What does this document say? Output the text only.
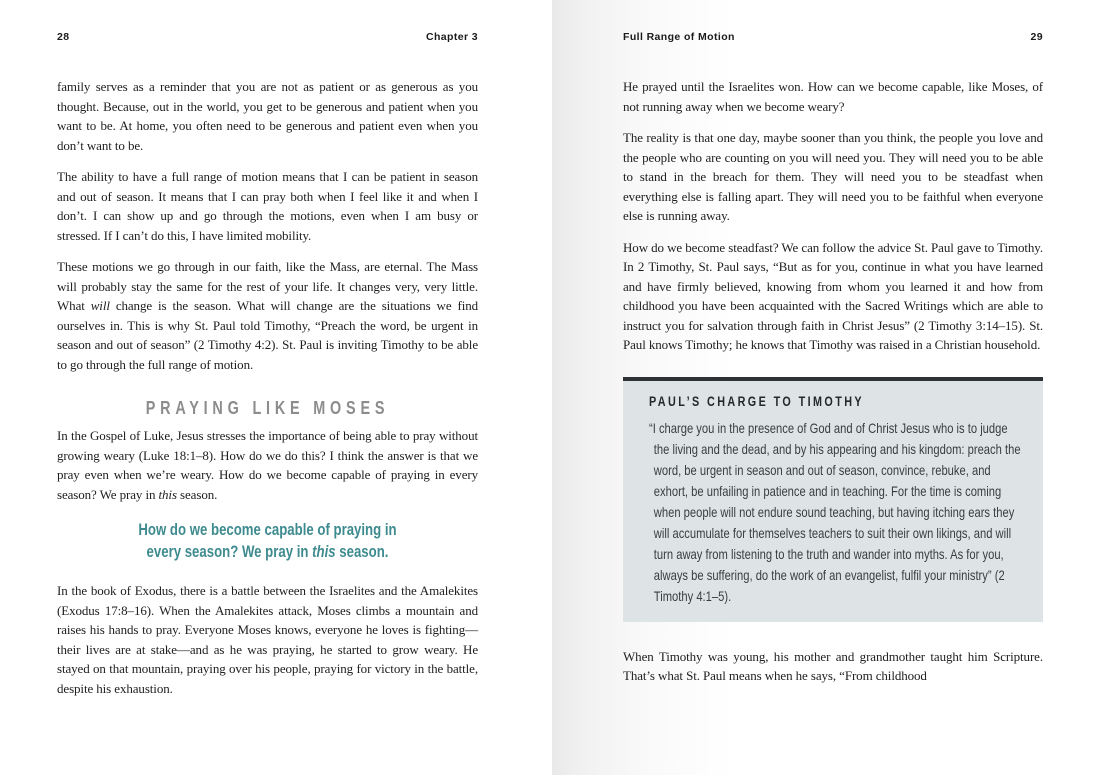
28	Chapter 3

family serves as a reminder that you are not as patient or as generous as you thought. Because, out in the world, you get to be generous and patient when you want to be. At home, you often need to be generous and patient even when you don’t want to be.

The ability to have a full range of motion means that I can be patient in season and out of season. It means that I can pray both when I feel like it and when I don’t. I can show up and go through the motions, even when I am busy or stressed. If I can’t do this, I have limited mobility.

These motions we go through in our faith, like the Mass, are eternal. The Mass will probably stay the same for the rest of your life. It changes very, very little. What will change is the season. What will change are the situations we find ourselves in. This is why St. Paul told Timothy, “Preach the word, be urgent in season and out of season” (2 Timothy 4:2). St. Paul is inviting Timothy to be able to go through the full range of motion.

PRAYING LIKE MOSES

In the Gospel of Luke, Jesus stresses the importance of being able to pray without growing weary (Luke 18:1–8). How do we do this? I think the answer is that we pray even when we’re weary. How do we become capable of praying in every season? We pray in this season.

How do we become capable of praying in
every season? We pray in this season.

In the book of Exodus, there is a battle between the Israelites and the Amalekites (Exodus 17:8–16). When the Amalekites attack, Moses climbs a mountain and raises his hands to pray. Everyone Moses knows, everyone he loves is fighting—their lives are at stake—and as he was praying, he started to grow weary. He stayed on that mountain, praying over his people, praying for victory in the battle, despite his exhaustion.

Full Range of Motion	29

He prayed until the Israelites won. How can we become capable, like Moses, of not running away when we become weary?

The reality is that one day, maybe sooner than you think, the people you love and the people who are counting on you will need you. They will need you to be able to stand in the breach for them. They will need you to be steadfast when everything else is falling apart. They will need you to be faithful when everyone else is running away.

How do we become steadfast? We can follow the advice St. Paul gave to Timothy. In 2 Timothy, St. Paul says, “But as for you, continue in what you have learned and have firmly believed, knowing from whom you learned it and how from childhood you have been acquainted with the Sacred Writings which are able to instruct you for salvation through faith in Christ Jesus” (2 Timothy 3:14–15). St. Paul knows Timothy; he knows that Timothy was raised in a Christian household.

PAUL’S CHARGE TO TIMOTHY

“I charge you in the presence of God and of Christ Jesus who is to judge the living and the dead, and by his appearing and his kingdom: preach the word, be urgent in season and out of season, convince, rebuke, and exhort, be unfailing in patience and in teaching. For the time is coming when people will not endure sound teaching, but having itching ears they will accumulate for themselves teachers to suit their own likings, and will turn away from listening to the truth and wander into myths. As for you, always be suffering, do the work of an evangelist, fulfil your ministry” (2 Timothy 4:1–5).

When Timothy was young, his mother and grandmother taught him Scripture. That’s what St. Paul means when he says, “From childhood
